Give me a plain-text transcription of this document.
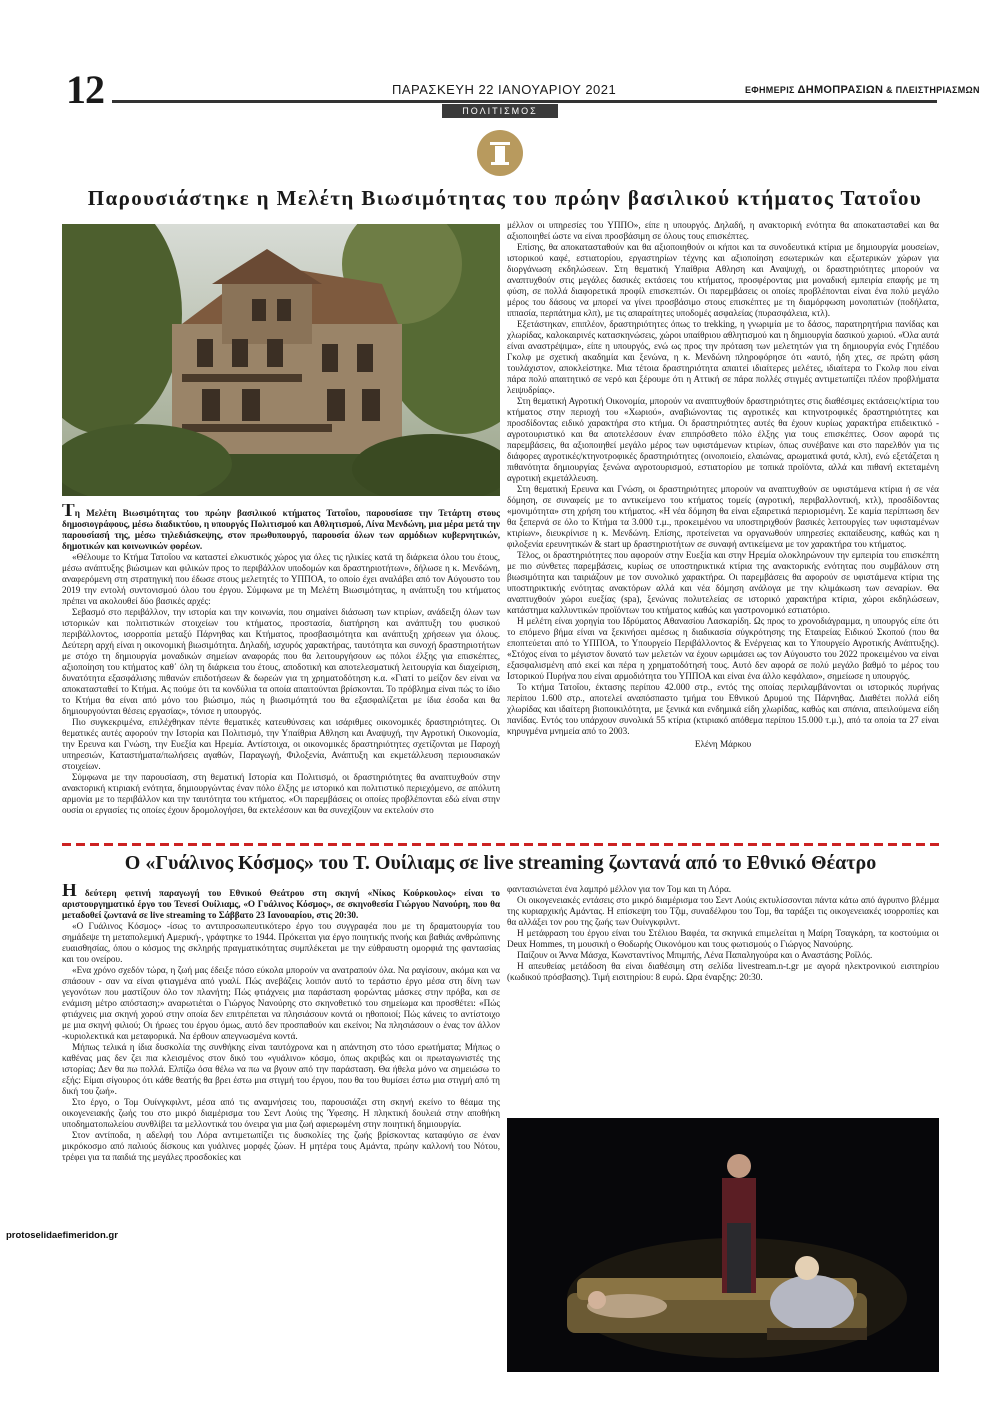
12	ΠΑΡΑΣΚΕΥΗ 22 ΙΑΝΟΥΑΡΙΟΥ 2021	ΕΦΗΜΕΡΙΣ ΔΗΜΟΠΡΑΣΙΩΝ & ΠΛΕΙΣΤΗΡΙΑΣΜΩΝ
ΠΟΛΙΤΙΣΜΟΣ
Παρουσιάστηκε η Μελέτη Βιωσιμότητας του πρώην βασιλικού κτήματος Τατοΐου

Τη Μελέτη Βιωσιμότητας του πρώην βασιλικού κτήματος Τατοΐου, παρουσίασε την Τετάρτη στους δημοσιογράφους, μέσω διαδικτύου, η υπουργός Πολιτισμού και Αθλητισμού, Λίνα Μενδώνη, μια μέρα μετά την παρουσίασή της, μέσω τηλεδιάσκεψης, στον πρωθυπουργό, παρουσία όλων των αρμόδιων κυβερνητικών, δημοτικών και κοινωνικών φορέων.

«Θέλουμε το Κτήμα Τατοΐου να καταστεί ελκυστικός χώρος για όλες τις ηλικίες κατά τη διάρκεια όλου του έτους, μέσω ανάπτυξης βιώσιμων και φιλικών προς το περιβάλλον υποδομών και δραστηριοτήτων», δήλωσε η κ. Μενδώνη, αναφερόμενη στη στρατηγική που έδωσε στους μελετητές το ΥΠΠΟΑ, το οποίο έχει αναλάβει από τον Αύγουστο του 2019 την εντολή συντονισμού όλου του έργου. Σύμφωνα με τη Μελέτη Βιωσιμότητας, η ανάπτυξη του κτήματος πρέπει να ακολουθεί δύο βασικές αρχές:

Σεβασμό στο περιβάλλον, την ιστορία και την κοινωνία, που σημαίνει διάσωση των κτιρίων, ανάδειξη όλων των ιστορικών και πολιτιστικών στοιχείων του κτήματος, προστασία, διατήρηση και ανάπτυξη του φυσικού περιβάλλοντος, ισορροπία μεταξύ Πάρνηθας και Κτήματος, προσβασιμότητα και ανάπτυξη χρήσεων για όλους. Δεύτερη αρχή είναι η οικονομική βιωσιμότητα. Δηλαδή, ισχυρός χαρακτήρας, ταυτότητα και συνοχή δραστηριοτήτων με στόχο τη δημιουργία μοναδικών σημείων αναφοράς που θα λειτουργήσουν ως πόλοι έλξης για επισκέπτες, αξιοποίηση του κτήματος καθ΄ όλη τη διάρκεια του έτους, αποδοτική και αποτελεσματική λειτουργία και διαχείριση, δυνατότητα εξασφάλισης πιθανών επιδοτήσεων & δωρεών για τη χρηματοδότηση κ.α. «Γιατί το μείζον δεν είναι να αποκατασταθεί το Κτήμα. Ας πούμε ότι τα κονδύλια τα οποία απαιτούνται βρίσκονται. Το πρόβλημα είναι πώς το ίδιο το Κτήμα θα είναι από μόνο του βιώσιμο, πώς η βιωσιμότητά του θα εξασφαλίζεται με ίδια έσοδα και θα δημιουργούνται θέσεις εργασίας», τόνισε η υπουργός.

Πιο συγκεκριμένα, επιλέχθηκαν πέντε θεματικές κατευθύνσεις και ισάριθμες οικονομικές δραστηριότητες. Οι θεματικές αυτές αφορούν την Ιστορία και Πολιτισμό, την Υπαίθρια Αθληση και Αναψυχή, την Αγροτική Οικονομία, την Ερευνα και Γνώση, την Ευεξία και Ηρεμία. Αντίστοιχα, οι οικονομικές δραστηριότητες σχετίζονται με Παροχή υπηρεσιών, Καταστήματα/πωλήσεις αγαθών, Παραγωγή, Φιλοξενία, Ανάπτυξη και εκμετάλλευση περιουσιακών στοιχείων.

Σύμφωνα με την παρουσίαση, στη θεματική Ιστορία και Πολιτισμό, οι δραστηριότητες θα αναπτυχθούν στην ανακτορική κτιριακή ενότητα, δημιουργώντας έναν πόλο έλξης με ιστορικό και πολιτιστικό περιεχόμενο, σε απόλυτη αρμονία με το περιβάλλον και την ταυτότητα του κτήματος. «Οι παρεμβάσεις οι οποίες προβλέπονται εδώ είναι στην ουσία οι εργασίες τις οποίες έχουν δρομολογήσει, θα εκτελέσουν και θα συνεχίζουν να εκτελούν στο

μέλλον οι υπηρεσίες του ΥΠΠΟ», είπε η υπουργός. Δηλαδή, η ανακτορική ενότητα θα αποκατασταθεί και θα αξιοποιηθεί ώστε να είναι προσβάσιμη σε όλους τους επισκέπτες.

Επίσης, θα αποκατασταθούν και θα αξιοποιηθούν οι κήποι και τα συνοδευτικά κτίρια με δημιουργία μουσείων, ιστορικού καφέ, εστιατορίου, εργαστηρίων τέχνης και αξιοποίηση εσωτερικών και εξωτερικών χώρων για διοργάνωση εκδηλώσεων. Στη θεματική Υπαίθρια Αθληση και Αναψυχή, οι δραστηριότητες μπορούν να αναπτυχθούν στις μεγάλες δασικές εκτάσεις του κτήματος, προσφέροντας μια μοναδική εμπειρία επαφής με τη φύση, σε πολλά διαφορετικά προφίλ επισκεπτών. Οι παρεμβάσεις οι οποίες προβλέπονται είναι ένα πολύ μεγάλο μέρος του δάσους να μπορεί να γίνει προσβάσιμο στους επισκέπτες με τη διαμόρφωση μονοπατιών (ποδήλατα, ιππασία, περπάτημα κλπ), με τις απαραίτητες υποδομές ασφαλείας (πυρασφάλεια, κτλ).

Εξετάστηκαν, επιπλέον, δραστηριότητες όπως το trekking, η γνωριμία με το δάσος, παρατηρητήρια πανίδας και χλωρίδας, καλοκαιρινές κατασκηνώσεις, χώροι υπαίθριου αθλητισμού και η δημιουργία δασικού χωριού. «Όλα αυτά είναι αναστρέψιμα», είπε η υπουργός, ενώ ως προς την πρόταση των μελετητών για τη δημιουργία ενός Γηπέδου Γκολφ με σχετική ακαδημία και ξενώνα, η κ. Μενδώνη πληροφόρησε ότι «αυτό, ήδη χτες, σε πρώτη φάση τουλάχιστον, αποκλείστηκε. Μια τέτοια δραστηριότητα απαιτεί ιδιαίτερες μελέτες, ιδιαίτερα το Γκολφ που είναι πάρα πολύ απαιτητικό σε νερό και ξέρουμε ότι η Αττική σε πάρα πολλές στιγμές αντιμετωπίζει πλέον προβλήματα λειψυδρίας».

Στη θεματική Αγροτική Οικονομία, μπορούν να αναπτυχθούν δραστηριότητες στις διαθέσιμες εκτάσεις/κτίρια του κτήματος στην περιοχή του «Χωριού», αναβιώνοντας τις αγροτικές και κτηνοτροφικές δραστηριότητες και προσδίδοντας ειδικό χαρακτήρα στο κτήμα. Οι δραστηριότητες αυτές θα έχουν κυρίως χαρακτήρα επιδεικτικό - αγροτουριστικό και θα αποτελέσουν έναν επιπρόσθετο πόλο έλξης για τους επισκέπτες. Οσον αφορά τις παρεμβάσεις, θα αξιοποιηθεί μεγάλο μέρος των υφιστάμενων κτιρίων, όπως συνέβαινε και στο παρελθόν για τις διάφορες αγροτικές/κτηνοτροφικές δραστηριότητες (οινοποιείο, ελαιώνας, αρωματικά φυτά, κλπ), ενώ εξετάζεται η πιθανότητα δημιουργίας ξενώνα αγροτουρισμού, εστιατορίου με τοπικά προϊόντα, αλλά και πιθανή εκτεταμένη αγροτική εκμετάλλευση.

Στη θεματική Ερευνα και Γνώση, οι δραστηριότητες μπορούν να αναπτυχθούν σε υφιστάμενα κτίρια ή σε νέα δόμηση, σε συναφείς με το αντικείμενο του κτήματος τομείς (αγροτική, περιβαλλοντική, κτλ), προσδίδοντας «μονιμότητα» στη χρήση του κτήματος. «Η νέα δόμηση θα είναι εξαιρετικά περιορισμένη. Σε καμία περίπτωση δεν θα ξεπερνά σε όλο το Κτήμα τα 3.000 τ.μ., προκειμένου να υποστηριχθούν βασικές λειτουργίες των υφισταμένων κτιρίων», διευκρίνισε η κ. Μενδώνη. Επίσης, προτείνεται να οργανωθούν υπηρεσίες εκπαίδευσης, καθώς και η φιλοξενία ερευνητικών & start up δραστηριοτήτων σε συναφή αντικείμενα με τον χαρακτήρα του κτήματος.

Τέλος, οι δραστηριότητες που αφορούν στην Ευεξία και στην Ηρεμία ολοκληρώνουν την εμπειρία του επισκέπτη με πιο σύνθετες παρεμβάσεις, κυρίως σε υποστηρικτικά κτίρια της ανακτορικής ενότητας που συμβάλουν στη βιωσιμότητα και ταιριάζουν με τον συνολικό χαρακτήρα. Οι παρεμβάσεις θα αφορούν σε υφιστάμενα κτίρια της υποστηρικτικής ενότητας ανακτόρων αλλά και νέα δόμηση ανάλογα με την κλιμάκωση των σεναρίων. Θα αναπτυχθούν χώροι ευεξίας (spa), ξενώνας πολυτελείας σε ιστορικό χαρακτήρα κτίρια, χώροι εκδηλώσεων, κατάστημα καλλυντικών προϊόντων του κτήματος καθώς και γαστρονομικό εστιατόριο.

Η μελέτη είναι χορηγία του Ιδρύματος Αθανασίου Λασκαρίδη. Ως προς το χρονοδιάγραμμα, η υπουργός είπε ότι το επόμενο βήμα είναι να ξεκινήσει αμέσως η διαδικασία σύγκρότησης της Εταιρείας Ειδικού Σκοπού (που θα εποπτεύεται από το ΥΠΠΟΑ, το Υπουργείο Περιβάλλοντος & Ενέργειας και το Υπουργείο Αγροτικής Ανάπτυξης). «Στόχος είναι το μέγιστον δυνατό των μελετών να έχουν ωριμάσει ως τον Αύγουστο του 2022 προκειμένου να είναι εξασφαλισμένη από εκεί και πέρα η χρηματοδότησή τους. Αυτό δεν αφορά σε πολύ μεγάλο βαθμό το μέρος του Ιστορικού Πυρήνα που είναι αρμοδιότητα του ΥΠΠΟΑ και είναι ένα άλλο κεφάλαιο», σημείωσε η υπουργός.

Το κτήμα Τατοΐου, έκτασης περίπου 42.000 στρ., εντός της οποίας περιλαμβάνονται οι ιστορικός πυρήνας περίπου 1.600 στρ., αποτελεί αναπόσπαστο τμήμα του Εθνικού Δρυμού της Πάρνηθας. Διαθέτει πολλά είδη χλωρίδας και ιδαίτερη βιοποικιλότητα, με ξενικά και ενδημικά είδη χλωρίδας, καθώς και σπάνια, απειλούμενα είδη πανίδας. Εντός του υπάρχουν συνολικά 55 κτίρια (κτιριακό απόθεμα περίπου 15.000 τ.μ.), από τα οποία τα 27 είναι κηρυγμένα μνημεία από το 2003.

Ελένη Μάρκου

Ο «Γυάλινος Κόσμος» του Τ. Ουίλιαμς σε live streaming ζωντανά από το Εθνικό Θέατρο

Η δεύτερη φετινή παραγωγή του Εθνικού Θεάτρου στη σκηνή «Νίκος Κούρκουλος» είναι το αριστουργηματικό έργο του Τενεσί Ουίλιαμς, «Ο Γυάλινος Κόσμος», σε σκηνοθεσία Γιώργου Νανούρη, που θα μεταδοθεί ζωντανά σε live streaming το Σάββατο 23 Ιανουαρίου, στις 20:30.

«Ο Γυάλινος Κόσμος» -ίσως το αντιπροσωπευτικότερο έργο του συγγραφέα που με τη δραματουργία του σημάδεψε τη μεταπολεμική Αμερική-, γράφτηκε το 1944. Πρόκειται για έργο ποιητικής πνοής και βαθιάς ανθρώπινης ευαισθησίας, όπου ο κόσμος της σκληρής πραγματικότητας συμπλέκεται με την εύθραυστη ομορφιά της φαντασίας και του ονείρου.

«Ενα χρόνο σχεδόν τώρα, η ζωή μας έδειξε πόσο εύκολα μπορούν να ανατραπούν όλα. Να ραγίσουν, ακόμα και να σπάσουν - σαν να είναι φτιαγμένα από γυαλί. Πώς ανεβάζεις λοιπόν αυτό το τεράστιο έργο μέσα στη δίνη των γεγονότων που μαστίζουν όλο τον πλανήτη; Πώς φτιάχνεις μια παράσταση φορώντας μάσκες στην πρόβα, και σε ενάμιση μέτρο απόσταση;» αναρωτιέται ο Γιώργος Νανούρης στο σκηνοθετικό του σημείωμα και προσθέτει: «Πώς φτιάχνεις μια σκηνή χορού στην οποία δεν επιτρέπεται να πλησιάσουν κοντά οι ηθοποιοί; Πώς κάνεις το αντίστοιχο με μια σκηνή φιλιού; Οι ήρωες του έργου όμως, αυτό δεν προσπαθούν και εκείνοι; Να πλησιάσουν ο ένας τον άλλον -κυριολεκτικά και μεταφορικά. Να έρθουν απεγνωσμένα κοντά.

Μήπως τελικά η ίδια δυσκολία της συνθήκης είναι ταυτόχρονα και η απάντηση στο τόσο ερωτήματα; Μήπως ο καθένας μας δεν ζει πια κλεισμένος στον δικό του «γυάλινο» κόσμο, όπως ακριβώς και οι πρωταγωνιστές της ιστορίας; Δεν θα πω πολλά. Ελπίζω όσα θέλω να πω να βγουν από την παράσταση. Θα ήθελα μόνο να σημειώσω το εξής: Είμαι σίγουρος ότι κάθε θεατής θα βρει έστω μια στιγμή του έργου, που θα του θυμίσει έστω μια στιγμή από τη δική του ζωή».

Στο έργο, ο Τομ Ουίνγκφιλντ, μέσα από τις αναμνήσεις του, παρουσιάζει στη σκηνή εκείνο το θέαμα της οικογενειακής ζωής του στο μικρό διαμέρισμα του Σεντ Λούις της Ύφεσης. Η πληκτική δουλειά στην αποθήκη υποδηματοπωλείου συνθλίβει τα μελλοντικά του όνειρα για μια ζωή αφιερωμένη στην ποιητική δημιουργία.

Στον αντίποδα, η αδελφή του Λόρα αντιμετωπίζει τις δυσκολίες της ζωής βρίσκοντας καταφύγιο σε έναν μικρόκοσμο από παλιούς δίσκους και γυάλινες μορφές ζώων. Η μητέρα τους Αμάντα, πρώην καλλονή του Νότου, τρέφει για τα παιδιά της μεγάλες προσδοκίες και

φαντασιώνεται ένα λαμπρό μέλλον για τον Τομ και τη Λόρα.

Οι οικογενειακές εντάσεις στο μικρό διαμέρισμα του Σεντ Λούις εκτυλίσσονται πάντα κάτω από άγρυπνο βλέμμα της κυριαρχικής Αμάντας. Η επίσκεψη του Τζιμ, συναδέλφου του Τομ, θα ταράξει τις οικογενειακές ισορροπίες και θα αλλάξει τον ρου της ζωής των Ουίνγκφιλντ.

Η μετάφραση του έργου είναι του Στέλιου Βαφέα, τα σκηνικά επιμελείται η Μαίρη Τσαγκάρη, τα κοστούμια οι Deux Hommes, τη μουσική ο Θοδωρής Οικονόμου και τους φωτισμούς ο Γιώργος Νανούρης.

Παίζουν οι Άννα Μάσχα, Κωνσταντίνος Μπιμπής, Λένα Παπαληγούρα και ο Αναστάσης Ροϊλός.

Η απευθείας μετάδοση θα είναι διαθέσιμη στη σελίδα livestream.n-t.gr με αγορά ηλεκτρονικού εισιτηρίου (κωδικού πρόσβασης). Τιμή εισιτηρίου: 8 ευρώ. Ωρα έναρξης: 20:30.

protoselidaefimeridon.gr
